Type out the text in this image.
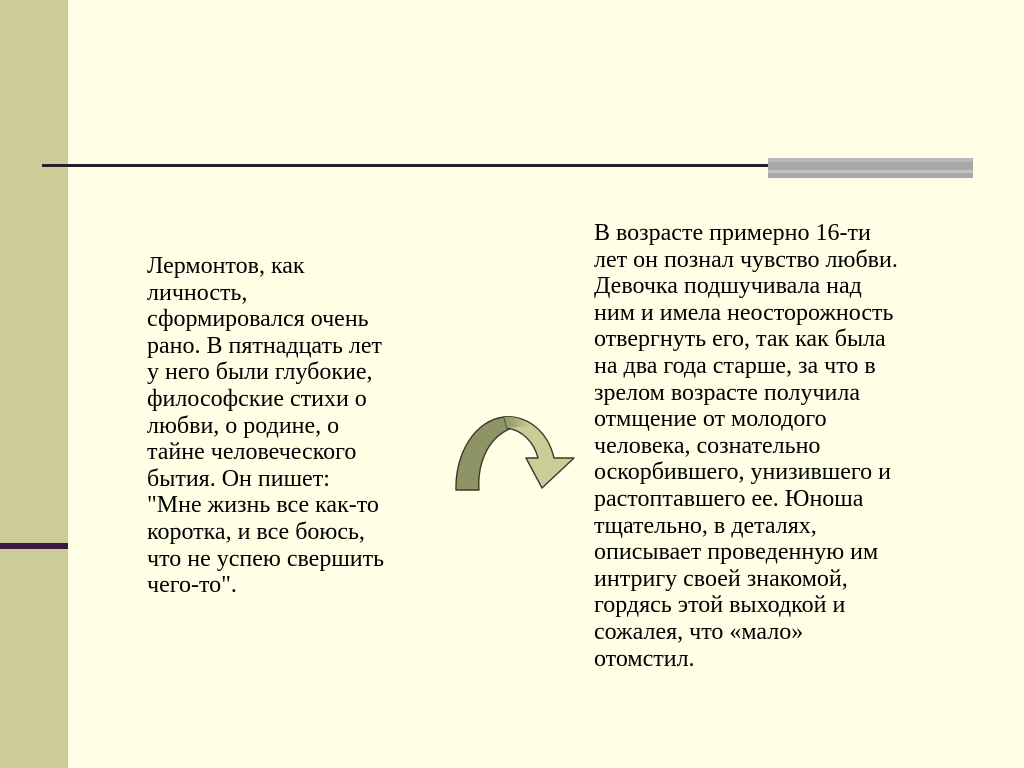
Лермонтов, как
личность,
сформировался очень
рано. В пятнадцать лет
у него были глубокие,
философские стихи о
любви, о родине, о
тайне человеческого
бытия. Он пишет:
"Мне жизнь все как-то
коротка, и все боюсь,
что не успею свершить
чего-то".

В возрасте примерно 16-ти
лет он познал чувство любви.
Девочка подшучивала над
ним и имела неосторожность
отвергнуть его, так как была
на два года старше, за что в
зрелом возрасте получила
отмщение от молодого
человека, сознательно
оскорбившего, унизившего и
растоптавшего ее. Юноша
тщательно, в деталях,
описывает проведенную им
интригу своей знакомой,
гордясь этой выходкой и
сожалея, что «мало»
отомстил.
